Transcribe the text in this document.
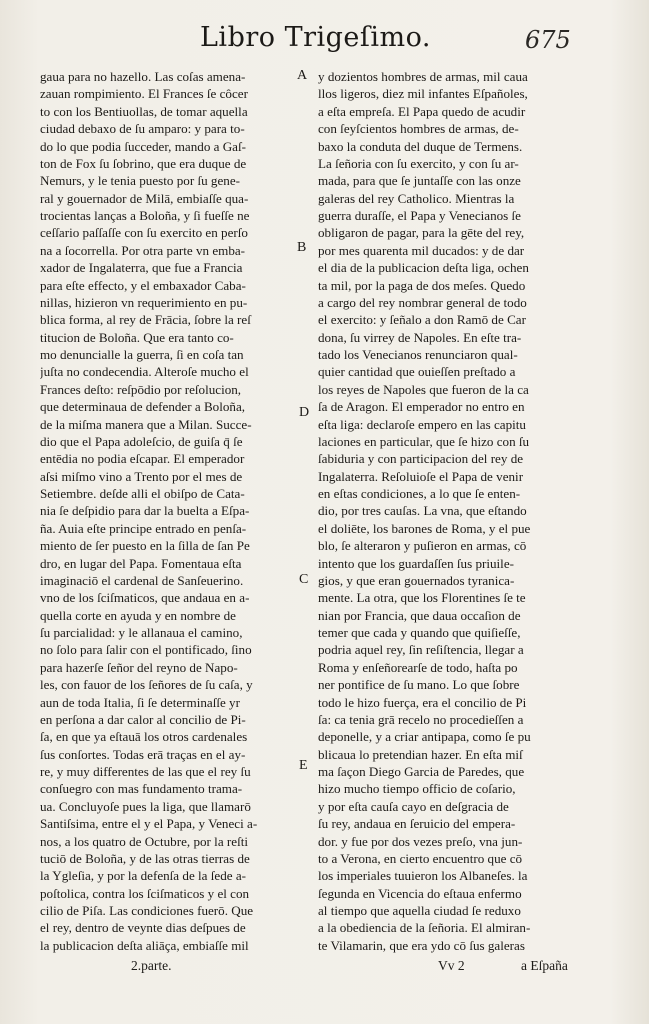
Libro Trigeſimo.	675
gaua para no hazello. Las coſas amena-
zauan rompimiento. El Frances ſe côcer
to con los Bentiuollas, de tomar aquella
ciudad debaxo de ſu amparo: y para to-
do lo que podia ſucceder, mando a Gaſ-
ton de Fox ſu ſobrino, que era duque de
Nemurs, y le tenia puesto por ſu gene-
ral y gouernador de Milā, embiaſſe qua-
trocientas lanças a Boloña, y ſi fueſſe ne
ceſſario paſſaſſe con ſu exercito en perſo
na a ſocorrella. Por otra parte vn emba-
xador de Ingalaterra, que fue a Francia
para eſte effecto, y el embaxador Caba-
nillas, hizieron vn requerimiento en pu-
blica forma, al rey de Frācia, ſobre la reſ
titucion de Boloña. Que era tanto co-
mo denuncialle la guerra, ſi en coſa tan
juſta no condecendia. Alteroſe mucho el
Frances deſto: reſpōdio por reſolucion,
que determinaua de defender a Boloña,
de la miſma manera que a Milan. Succe-
dio que el Papa adoleſcio, de guiſa q̄ ſe
entēdia no podia eſcapar. El emperador
aſsi miſmo vino a Trento por el mes de
Setiembre. deſde alli el obiſpo de Cata-
nia ſe deſpidio para dar la buelta a Eſpa-
ña. Auia eſte principe entrado en penſa-
miento de ſer puesto en la ſilla de ſan Pe
dro, en lugar del Papa. Fomentaua eſta
imaginaciō el cardenal de Sanſeuerino.
vno de los ſciſmaticos, que andaua en a-
quella corte en ayuda y en nombre de
ſu parcialidad: y le allanaua el camino,
no ſolo para ſalir con el pontificado, ſino
para hazerſe ſeñor del reyno de Napo-
les, con fauor de los ſeñores de ſu caſa, y
aun de toda Italia, ſi ſe determinaſſe yr
en perſona a dar calor al concilio de Pi-
ſa, en que ya eſtauā los otros cardenales
ſus conſortes. Todas erā traças en el ay-
re, y muy differentes de las que el rey ſu
conſuegro con mas fundamento trama-
ua. Concluyoſe pues la liga, que llamarō
Santiſsima, entre el y el Papa, y Veneci a-
nos, a los quatro de Octubre, por la reſti
tuciō de Boloña, y de las otras tierras de
la Ygleſia, y por la defenſa de la ſede a-
poſtolica, contra los ſciſmaticos y el con
cilio de Piſa. Las condiciones fuerō. Que
el rey, dentro de veynte dias deſpues de
la publicacion deſta aliāça, embiaſſe mil
y dozientos hombres de armas, mil caua
llos ligeros, diez mil infantes Eſpañoles,
a eſta empreſa. El Papa quedo de acudir
con ſeyſcientos hombres de armas, de-
baxo la conduta del duque de Termens.
La ſeñoria con ſu exercito, y con ſu ar-
mada, para que ſe juntaſſe con las onze
galeras del rey Catholico. Mientras la
guerra duraſſe, el Papa y Venecianos ſe
obligaron de pagar, para la gēte del rey,
por mes quarenta mil ducados: y de dar
el dia de la publicacion deſta liga, ochen
ta mil, por la paga de dos meſes. Quedo
a cargo del rey nombrar general de todo
el exercito: y ſeñalo a don Ramō de Car
dona, ſu virrey de Napoles. En eſte tra-
tado los Venecianos renunciaron qual-
quier cantidad que ouieſſen preſtado a
los reyes de Napoles que fueron de la ca
ſa de Aragon. El emperador no entro en
eſta liga: declaroſe empero en las capitu
laciones en particular, que ſe hizo con ſu
ſabiduria y con participacion del rey de
Ingalaterra. Reſoluioſe el Papa de venir
en eſtas condiciones, a lo que ſe enten-
dio, por tres cauſas. La vna, que eſtando
el doliēte, los barones de Roma, y el pue
blo, ſe alteraron y puſieron en armas, cō
intento que los guardaſſen ſus priuile-
gios, y que eran gouernados tyranica-
mente. La otra, que los Florentines ſe te
nian por Francia, que daua occaſion de
temer que cada y quando que quiſieſſe,
podria aquel rey, ſin reſiſtencia, llegar a
Roma y enſeñorearſe de todo, haſta po
ner pontifice de ſu mano. Lo que ſobre
todo le hizo fuerça, era el concilio de Pi
ſa: ca tenia grā recelo no procedieſſen a
deponelle, y a criar antipapa, como ſe pu
blicaua lo pretendian hazer. En eſta miſ
ma ſaçon Diego Garcia de Paredes, que
hizo mucho tiempo officio de coſario,
y por eſta cauſa cayo en deſgracia de
ſu rey, andaua en ſeruicio del empera-
dor. y fue por dos vezes preſo, vna jun-
to a Verona, en cierto encuentro que cō
los imperiales tuuieron los Albaneſes. la
ſegunda en Vicencia do eſtaua enfermo
al tiempo que aquella ciudad ſe reduxo
a la obediencia de la ſeñoria. El almiran-
te Vilamarin, que era ydo cō ſus galeras
A
B
D
C
E
2.parte.	Vv 2	a Eſpaña
